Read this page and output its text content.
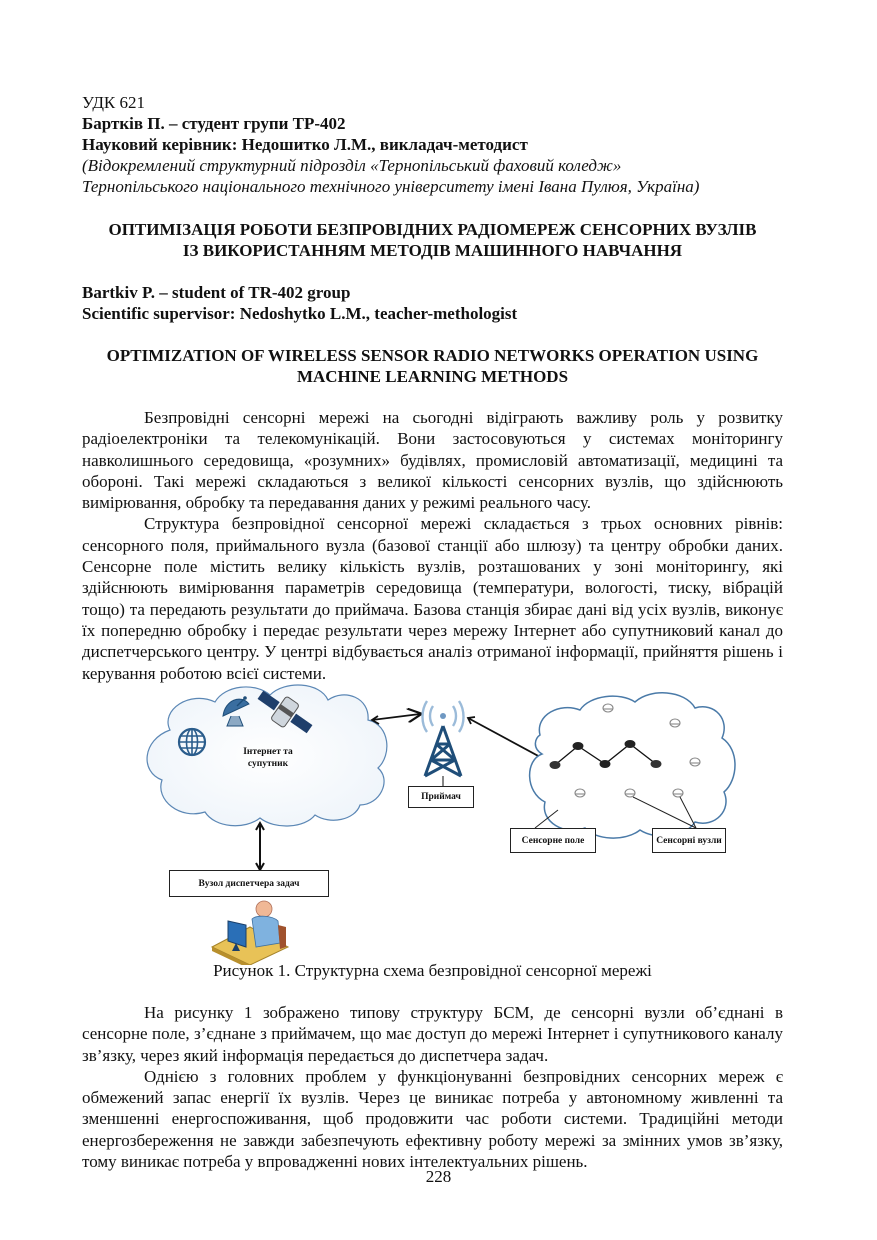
УДК 621

Бартків П. – студент групи ТР-402

Науковий керівник: Недошитко Л.М., викладач-методист

(Відокремлений структурний підрозділ «Тернопільський фаховий коледж»

Тернопільського національного технічного університету імені Івана Пулюя, Україна)

ОПТИМІЗАЦІЯ РОБОТИ БЕЗПРОВІДНИХ РАДІОМЕРЕЖ СЕНСОРНИХ ВУЗЛІВ

ІЗ ВИКОРИСТАННЯМ МЕТОДІВ МАШИННОГО НАВЧАННЯ

Bartkiv P. – student of TR-402 group

Scientific supervisor: Nedoshytko L.M., teacher-methologist

OPTIMIZATION OF WIRELESS SENSOR RADIO NETWORKS OPERATION USING

MACHINE LEARNING METHODS

Безпровідні сенсорні мережі на сьогодні відіграють важливу роль у розвитку радіоелектроніки та телекомунікацій. Вони застосовуються у системах моніторингу навколишнього середовища, «розумних» будівлях, промисловій автоматизації, медицині та обороні. Такі мережі складаються з великої кількості сенсорних вузлів, що здійснюють вимірювання, обробку та передавання даних у режимі реального часу.

Структура безпровідної сенсорної мережі складається з трьох основних рівнів: сенсорного поля, приймального вузла (базової станції або шлюзу) та центру обробки даних. Сенсорне поле містить велику кількість вузлів, розташованих у зоні моніторингу, які здійснюють вимірювання параметрів середовища (температури, вологості, тиску, вібрацій тощо) та передають результати до приймача. Базова станція збирає дані від усіх вузлів, виконує їх попередню обробку і передає результати через мережу Інтернет або супутниковий канал до диспетчерського центру. У центрі відбувається аналіз отриманої інформації, прийняття рішень і керування роботою всієї системи.

Інтернет та
супутник
Приймач
Сенсорне поле	Сенсорні вузли
Вузол диспетчера задач

Рисунок 1. Структурна схема безпровідної сенсорної мережі

На рисунку 1 зображено типову структуру БСМ, де сенсорні вузли об’єднані в сенсорне поле, з’єднане з приймачем, що має доступ до мережі Інтернет і супутникового каналу зв’язку, через який інформація передається до диспетчера задач.

Однією з головних проблем у функціонуванні безпровідних сенсорних мереж є обмежений запас енергії їх вузлів. Через це виникає потреба у автономному живленні та зменшенні енергоспоживання, щоб продовжити час роботи системи. Традиційні методи енергозбереження не завжди забезпечують ефективну роботу мережі за змінних умов зв’язку, тому виникає потреба у впровадженні нових інтелектуальних рішень.

228
